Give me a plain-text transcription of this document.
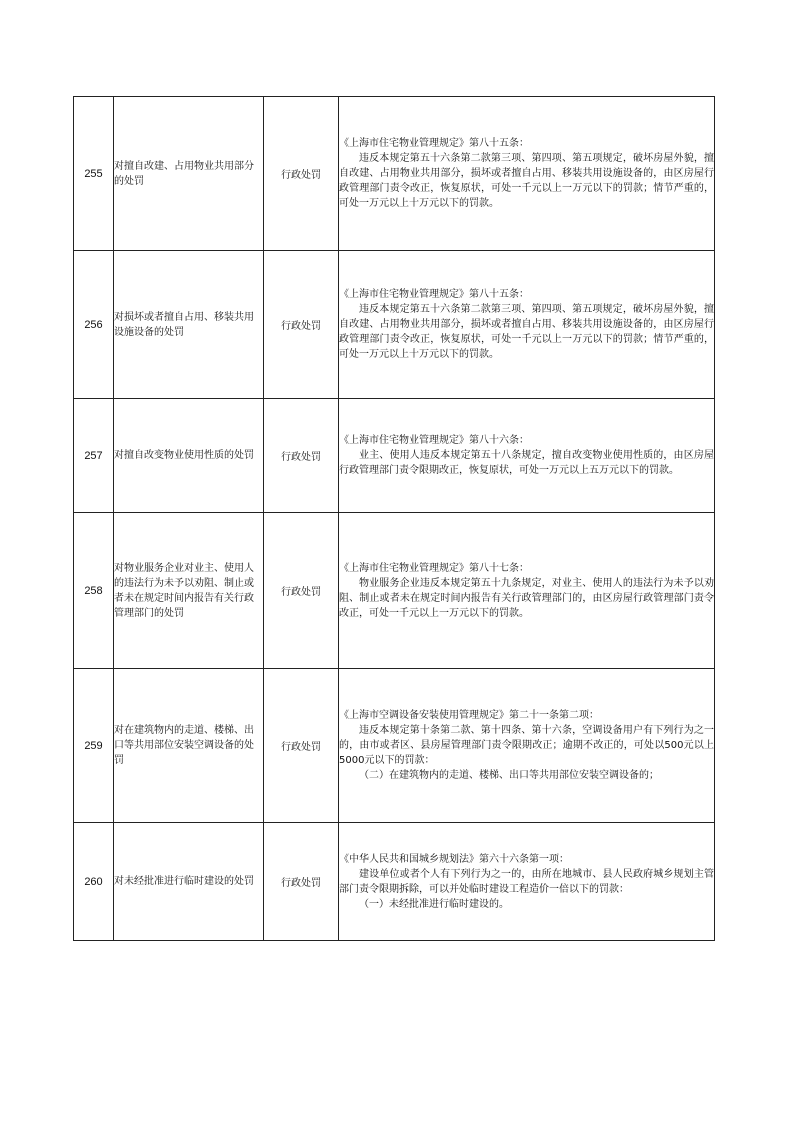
255	对擅自改建、占用物业共用部分的处罚	行政处罚	《上海市住宅物业管理规定》第八十五条：
违反本规定第五十六条第二款第三项、第四项、第五项规定，破坏房屋外貌，擅自改建、占用物业共用部分，损坏或者擅自占用、移装共用设施设备的，由区房屋行政管理部门责令改正，恢复原状，可处一千元以上一万元以下的罚款；情节严重的，可处一万元以上十万元以下的罚款。

256	对损坏或者擅自占用、移装共用设施设备的处罚	行政处罚	《上海市住宅物业管理规定》第八十五条：
违反本规定第五十六条第二款第三项、第四项、第五项规定，破坏房屋外貌，擅自改建、占用物业共用部分，损坏或者擅自占用、移装共用设施设备的，由区房屋行政管理部门责令改正，恢复原状，可处一千元以上一万元以下的罚款；情节严重的，可处一万元以上十万元以下的罚款。

257	对擅自改变物业使用性质的处罚	行政处罚	《上海市住宅物业管理规定》第八十六条：
业主、使用人违反本规定第五十八条规定，擅自改变物业使用性质的，由区房屋行政管理部门责令限期改正，恢复原状，可处一万元以上五万元以下的罚款。

258	对物业服务企业对业主、使用人的违法行为未予以劝阻、制止或者未在规定时间内报告有关行政管理部门的处罚	行政处罚	《上海市住宅物业管理规定》第八十七条：
物业服务企业违反本规定第五十九条规定，对业主、使用人的违法行为未予以劝阻、制止或者未在规定时间内报告有关行政管理部门的，由区房屋行政管理部门责令改正，可处一千元以上一万元以下的罚款。

259	对在建筑物内的走道、楼梯、出口等共用部位安装空调设备的处罚	行政处罚	《上海市空调设备安装使用管理规定》第二十一条第二项：
违反本规定第十条第二款、第十四条、第十六条，空调设备用户有下列行为之一的，由市或者区、县房屋管理部门责令限期改正；逾期不改正的，可处以500元以上5000元以下的罚款：
（二）在建筑物内的走道、楼梯、出口等共用部位安装空调设备的；

260	对未经批准进行临时建设的处罚	行政处罚	《中华人民共和国城乡规划法》第六十六条第一项：
建设单位或者个人有下列行为之一的，由所在地城市、县人民政府城乡规划主管部门责令限期拆除，可以并处临时建设工程造价一倍以下的罚款：
（一）未经批准进行临时建设的。
